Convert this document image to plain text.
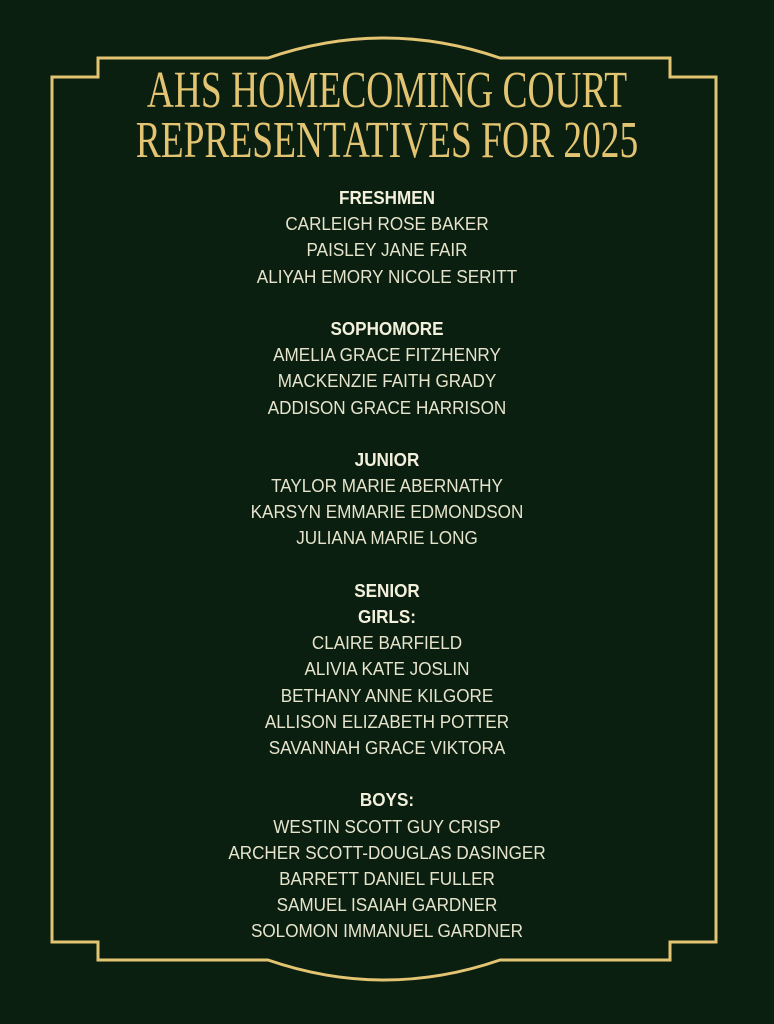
AHS HOMECOMING COURT
REPRESENTATIVES FOR 2025
FRESHMEN
CARLEIGH ROSE BAKER
PAISLEY JANE FAIR
ALIYAH EMORY NICOLE SERITT
SOPHOMORE
AMELIA GRACE FITZHENRY
MACKENZIE FAITH GRADY
ADDISON GRACE HARRISON
JUNIOR
TAYLOR MARIE ABERNATHY
KARSYN EMMARIE EDMONDSON
JULIANA MARIE LONG
SENIOR
GIRLS:
CLAIRE BARFIELD
ALIVIA KATE JOSLIN
BETHANY ANNE KILGORE
ALLISON ELIZABETH POTTER
SAVANNAH GRACE VIKTORA
BOYS:
WESTIN SCOTT GUY CRISP
ARCHER SCOTT-DOUGLAS DASINGER
BARRETT DANIEL FULLER
SAMUEL ISAIAH GARDNER
SOLOMON IMMANUEL GARDNER
